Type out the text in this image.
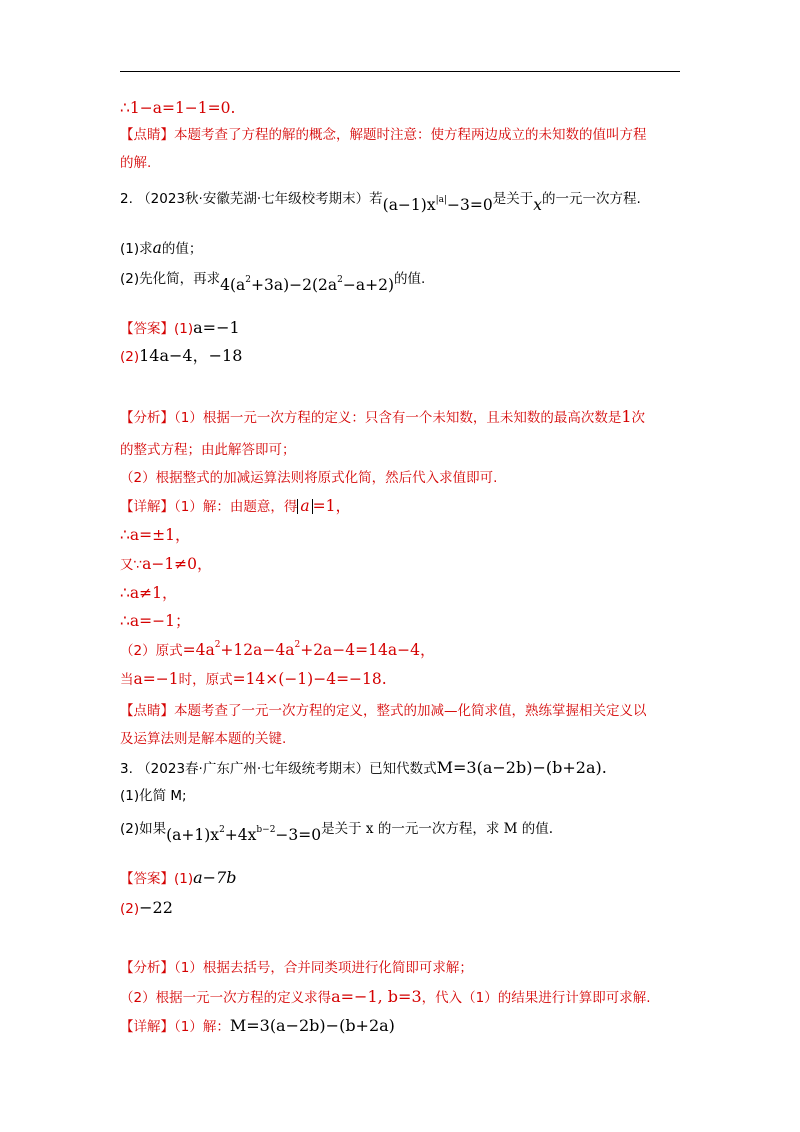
∴1−a=1−1=0.
【点睛】本题考查了方程的解的概念，解题时注意：使方程两边成立的未知数的值叫方程
的解.
2. （2023秋·安徽芜湖·七年级校考期末）若$(a-1)x^{|a|}-3=0$是关于x的一元一次方程.
(1)求a的值；
(2)先化简，再求$4(a^2+3a)-2(2a^2-a+2)$的值.
【答案】(1)a=−1
(2)14a−4，−18
【分析】（1）根据一元一次方程的定义：只含有一个未知数，且未知数的最高次数是1次
的整式方程；由此解答即可；
（2）根据整式的加减运算法则将原式化简，然后代入求值即可.
【详解】（1）解：由题意，得 a =1，
∴a=±1，
又∵a−1≠0，
∴a≠1，
∴a=−1；
（2）原式$=4a^2+12a-4a^2+2a-4=14a-4$，
当a=−1时，原式=14×(−1)−4=−18.
【点睛】本题考查了一元一次方程的定义，整式的加减—化简求值，熟练掌握相关定义以
及运算法则是解本题的关键.
3. （2023春·广东广州·七年级统考期末）已知代数式M=3(a−2b)−(b+2a).
(1)化简 M;
(2)如果$(a+1)x^2+4x^{b-2}-3=0$是关于 x 的一元一次方程，求 M 的值.
【答案】(1)a−7b
(2)−22
【分析】（1）根据去括号，合并同类项进行化简即可求解；
（2）根据一元一次方程的定义求得a=−1, b=3，代入（1）的结果进行计算即可求解.
【详解】（1）解：M=3(a−2b)−(b+2a)
